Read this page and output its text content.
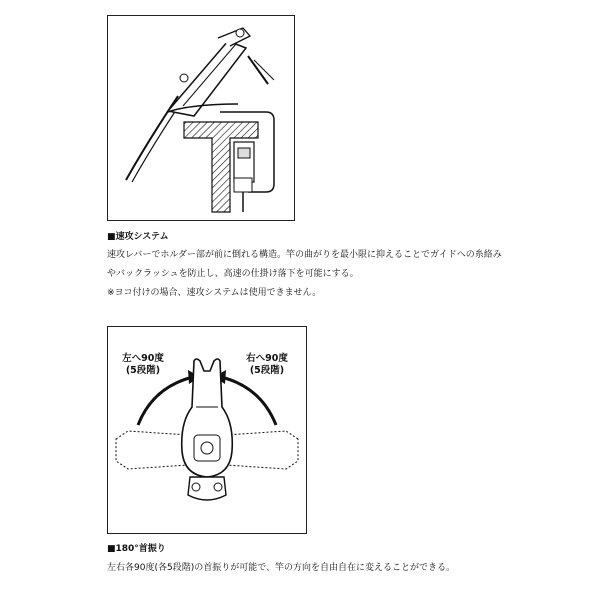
■速攻システム
速攻レバーでホルダー部が前に倒れる構造。竿の曲がりを最小限に抑えることでガイドへの糸絡み
やバックラッシュを防止し、高速の仕掛け落下を可能にする。
※ヨコ付けの場合、速攻システムは使用できません。
左へ90度
(5段階)
右へ90度
(5段階)
■180°首振り
左右各90度(各5段階)の首振りが可能で、竿の方向を自由自在に変えることができる。
